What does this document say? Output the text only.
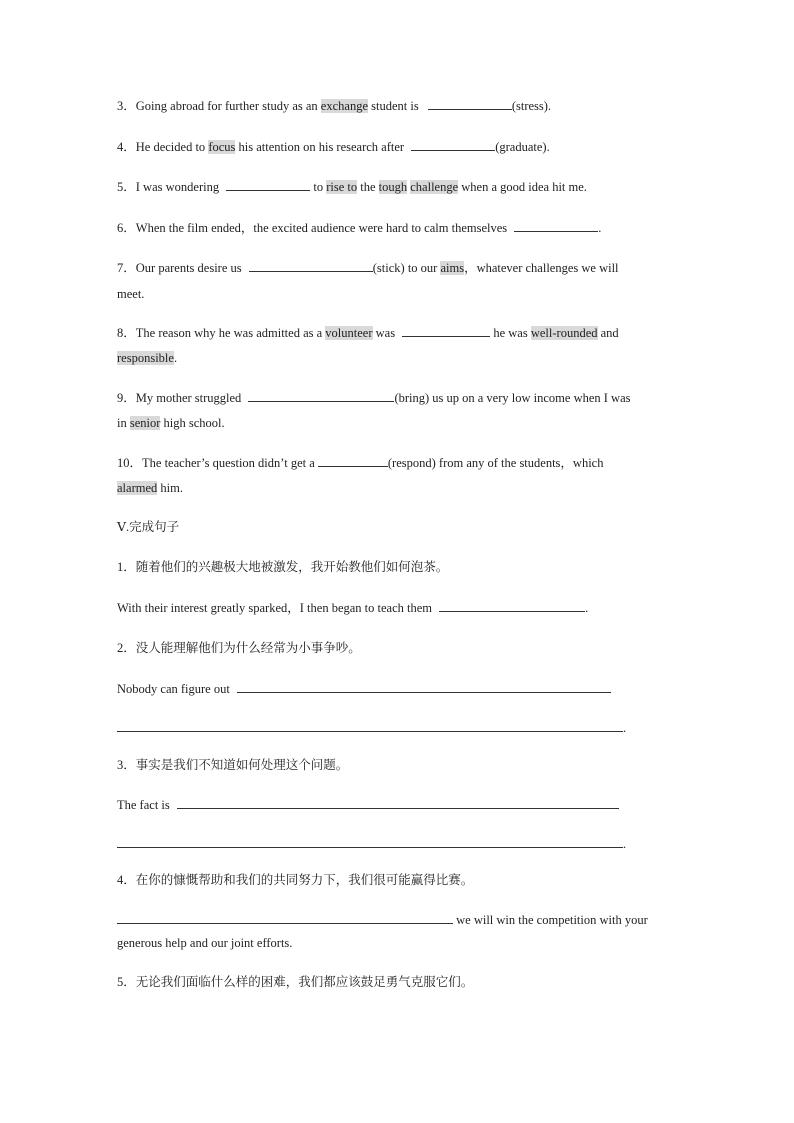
3．Going abroad for further study as an exchange student is	(stress).
4．He decided to focus his attention on his research after	(graduate).
5．I was wondering	to rise to the tough challenge when a good idea hit me.
6．When the film ended，the excited audience were hard to calm themselves	.
7．Our parents desire us	(stick) to our aims，whatever challenges we will
meet.
8．The reason why he was admitted as a volunteer was	he was well-rounded and
responsible.
9．My mother struggled	(bring) us up on a very low income when I was
in senior high school.
10．The teacher’s question didn’t get a	(respond) from any of the students，which
alarmed him.
Ⅴ.完成句子
1．随着他们的兴趣极大地被激发，我开始教他们如何泡茶。
With their interest greatly sparked，I then began to teach them	.
2．没人能理解他们为什么经常为小事争吵。
Nobody can figure out
.
3．事实是我们不知道如何处理这个问题。
The fact is
.
4．在你的慷慨帮助和我们的共同努力下，我们很可能赢得比赛。
we will win the competition with your
generous help and our joint efforts.
5．无论我们面临什么样的困难，我们都应该鼓足勇气克服它们。
